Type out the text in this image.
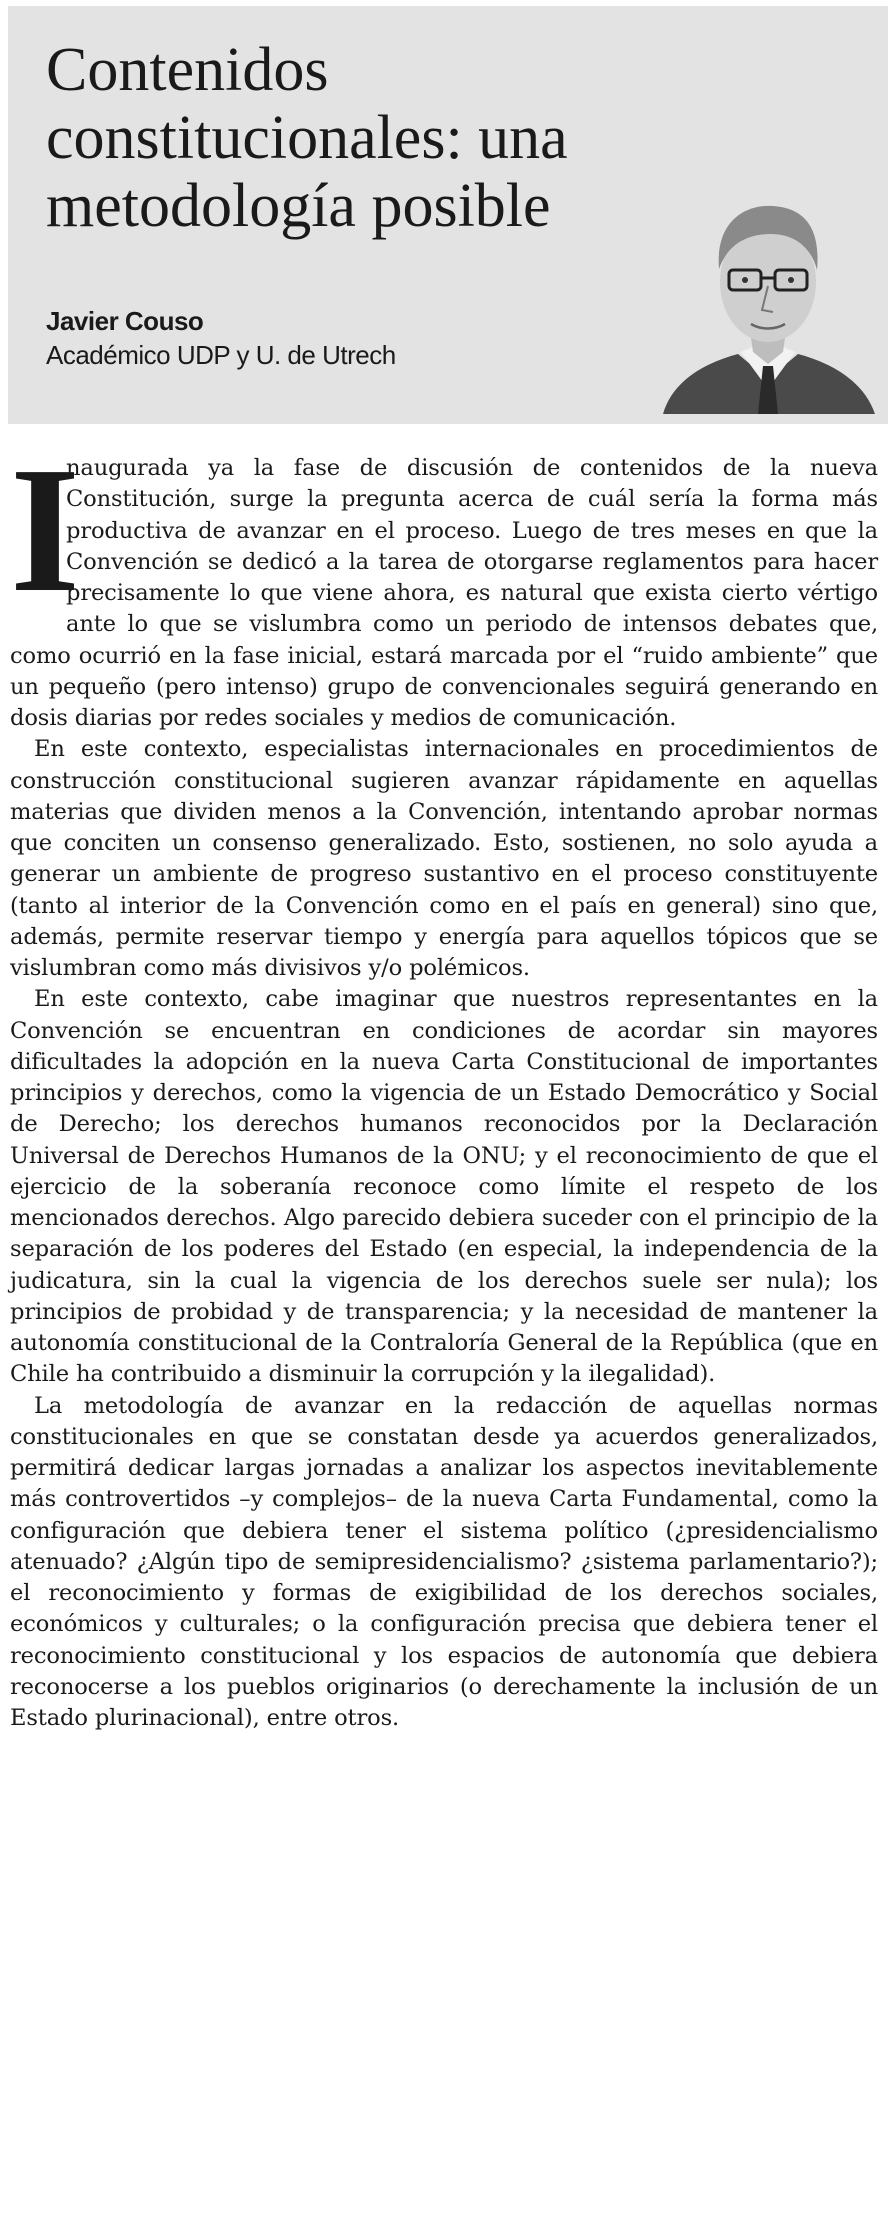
Contenidos constitucionales: una metodología posible
Javier Couso
Académico UDP y U. de Utrech

I
naugurada ya la fase de discusión de contenidos de la nueva Constitución, surge la pregunta acerca de cuál sería la forma más productiva de avanzar en el proceso. Luego de tres meses en que la Convención se dedicó a la tarea de otorgarse reglamentos para hacer precisamente lo que viene ahora, es natural que exista cierto vértigo ante lo que se vislumbra como un periodo de intensos debates que, como ocurrió en la fase inicial, estará marcada por el “ruido ambiente” que un pequeño (pero intenso) grupo de convencionales seguirá generando en dosis diarias por redes sociales y medios de comunicación.

En este contexto, especialistas internacionales en procedimientos de construcción constitucional sugieren avanzar rápidamente en aquellas materias que dividen menos a la Convención, intentando aprobar normas que conciten un consenso generalizado. Esto, sostienen, no solo ayuda a generar un ambiente de progreso sustantivo en el proceso constituyente (tanto al interior de la Convención como en el país en general) sino que, además, permite reservar tiempo y energía para aquellos tópicos que se vislumbran como más divisivos y/o polémicos.

En este contexto, cabe imaginar que nuestros representantes en la Convención se encuentran en condiciones de acordar sin mayores dificultades la adopción en la nueva Carta Constitucional de importantes principios y derechos, como la vigencia de un Estado Democrático y Social de Derecho; los derechos humanos reconocidos por la Declaración Universal de Derechos Humanos de la ONU; y el reconocimiento de que el ejercicio de la soberanía reconoce como límite el respeto de los mencionados derechos. Algo parecido debiera suceder con el principio de la separación de los poderes del Estado (en especial, la independencia de la judicatura, sin la cual la vigencia de los derechos suele ser nula); los principios de probidad y de transparencia; y la necesidad de mantener la autonomía constitucional de la Contraloría General de la República (que en Chile ha contribuido a disminuir la corrupción y la ilegalidad).

La metodología de avanzar en la redacción de aquellas normas constitucionales en que se constatan desde ya acuerdos generalizados, permitirá dedicar largas jornadas a analizar los aspectos inevitablemente más controvertidos –y complejos– de la nueva Carta Fundamental, como la configuración que debiera tener el sistema político (¿presidencialismo atenuado? ¿Algún tipo de semipresidencialismo? ¿sistema parlamentario?); el reconocimiento y formas de exigibilidad de los derechos sociales, económicos y culturales; o la configuración precisa que debiera tener el reconocimiento constitucional y los espacios de autonomía que debiera reconocerse a los pueblos originarios (o derechamente la inclusión de un Estado plurinacional), entre otros.
